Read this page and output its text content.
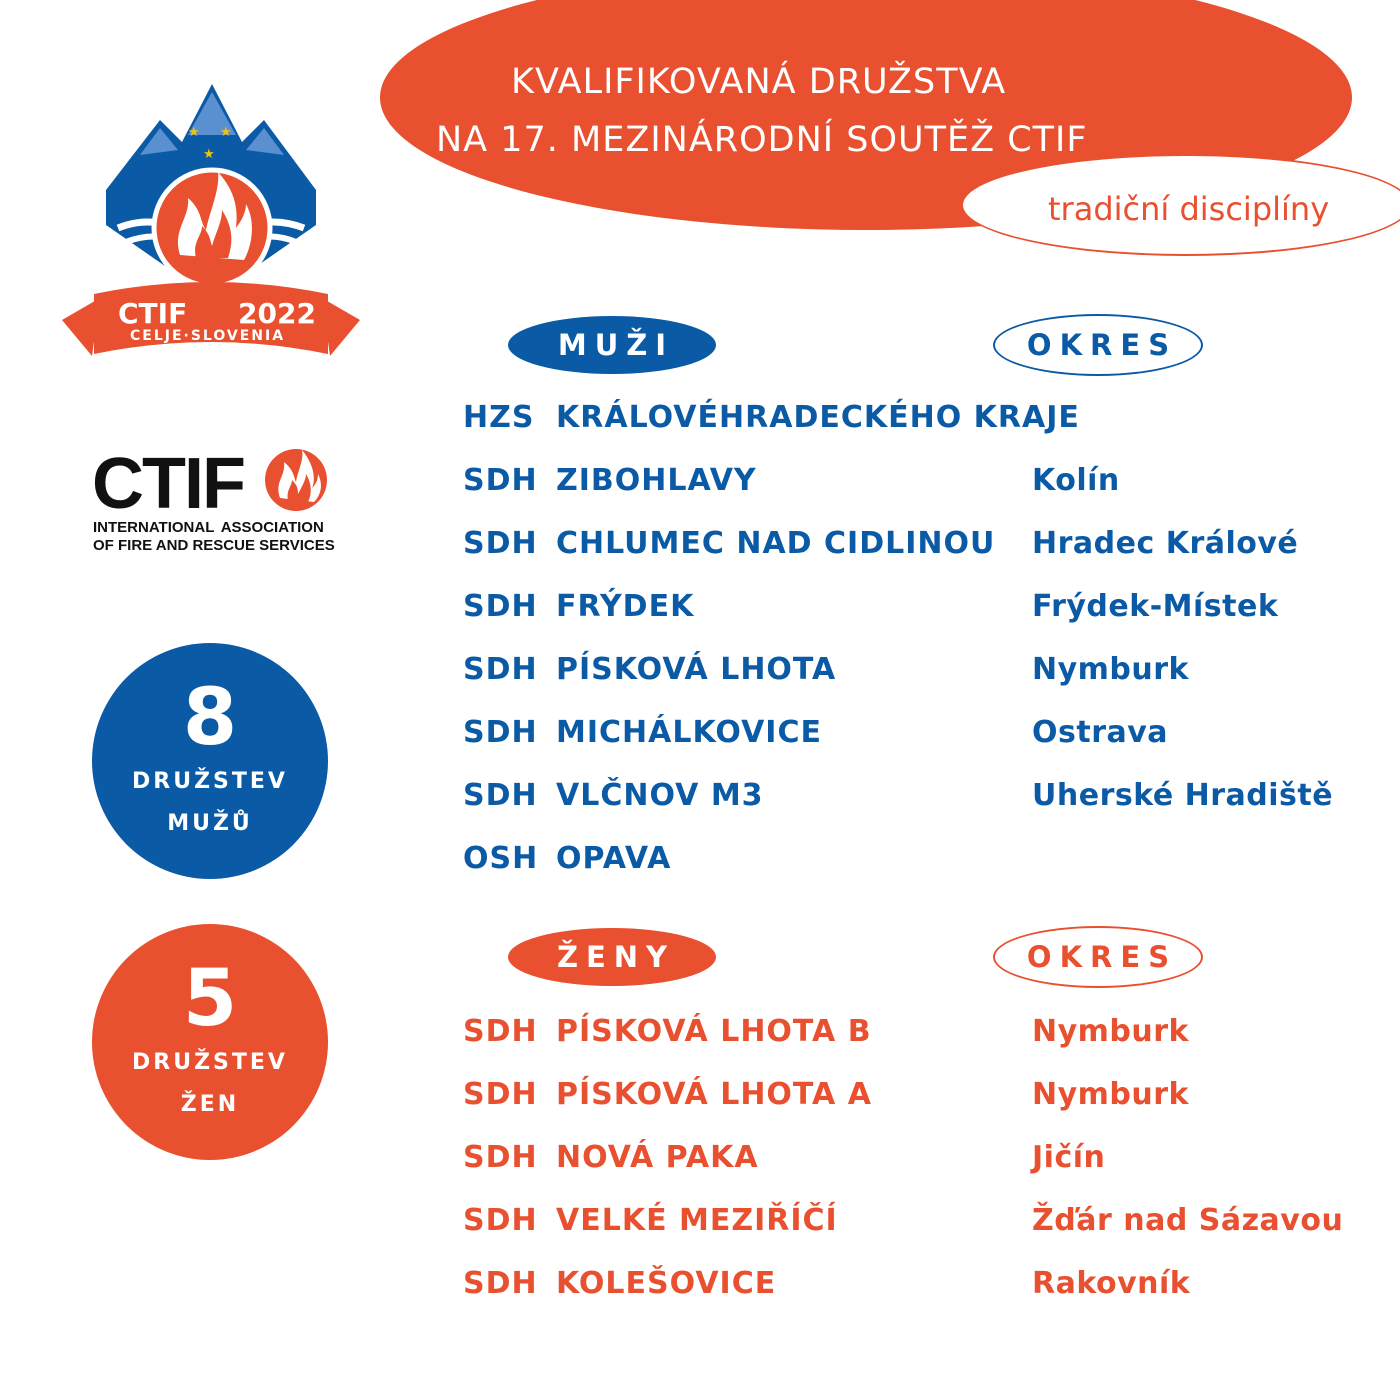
KVALIFIKOVANÁ DRUŽSTVA
NA 17. MEZINÁRODNÍ SOUTĚŽ CTIF
tradiční disciplíny
★ ★
★
CTIF 2022
CELJE·SLOVENIA
CTIF
INTERNATIONAL ASSOCIATION
OF FIRE AND RESCUE SERVICES
8
DRUŽSTEV
MUŽŮ
5
DRUŽSTEV
ŽEN
MUŽI	OKRES
ŽENY	OKRES
HZS KRÁLOVÉHRADECKÉHO KRAJE
SDH ZIBOHLAVY	Kolín
SDH CHLUMEC NAD CIDLINOU Hradec Králové
SDH FRÝDEK	Frýdek-Místek
SDH PÍSKOVÁ LHOTA	Nymburk
SDH MICHÁLKOVICE	Ostrava
SDH VLČNOV M3	Uherské Hradiště
OSH OPAVA
SDH PÍSKOVÁ LHOTA B	Nymburk
SDH PÍSKOVÁ LHOTA A	Nymburk
SDH NOVÁ PAKA	Jičín
SDH VELKÉ MEZIŘÍČÍ	Žďár nad Sázavou
SDH KOLEŠOVICE	Rakovník
